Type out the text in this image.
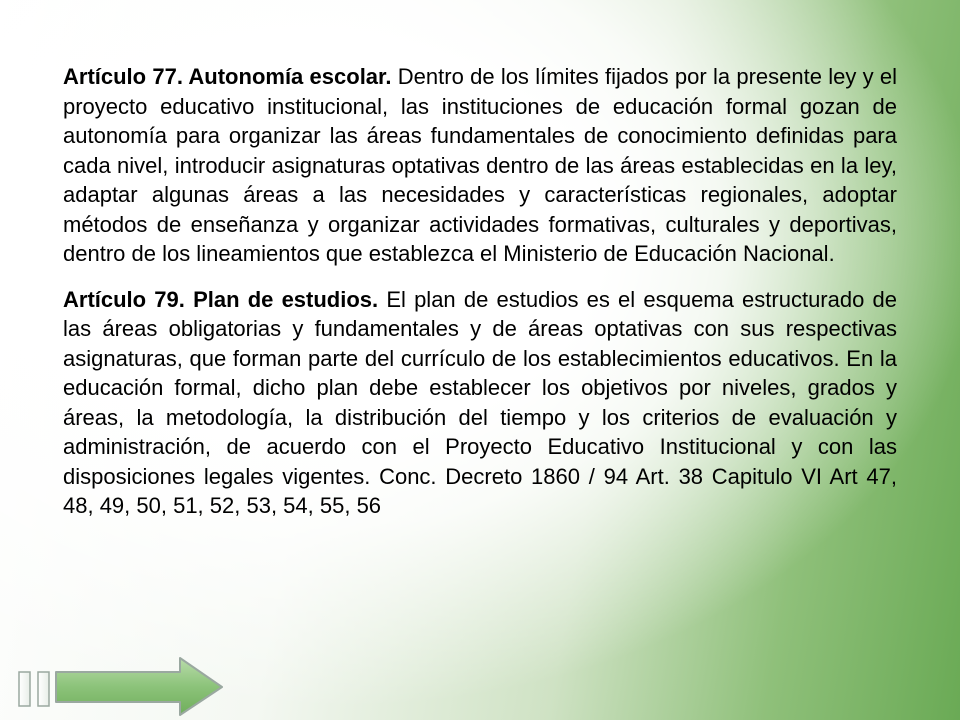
Artículo 77. Autonomía escolar. Dentro de los límites fijados por la presente ley y el proyecto educativo institucional, las instituciones de educación formal gozan de autonomía para organizar las áreas fundamentales de conocimiento definidas para cada nivel, introducir asignaturas optativas dentro de las áreas establecidas en la ley, adaptar algunas áreas a las necesidades y características regionales, adoptar métodos de enseñanza y organizar actividades formativas, culturales y deportivas, dentro de los lineamientos que establezca el Ministerio de Educación Nacional.

Artículo 79. Plan de estudios. El plan de estudios es el esquema estructurado de las áreas obligatorias y fundamentales y de áreas optativas con sus respectivas asignaturas, que forman parte del currículo de los establecimientos educativos. En la educación formal, dicho plan debe establecer los objetivos por niveles, grados y áreas, la metodología, la distribución del tiempo y los criterios de evaluación y administración, de acuerdo con el Proyecto Educativo Institucional y con las disposiciones legales vigentes. Conc. Decreto 1860 / 94 Art. 38 Capitulo VI Art 47, 48, 49, 50, 51, 52, 53, 54, 55, 56
